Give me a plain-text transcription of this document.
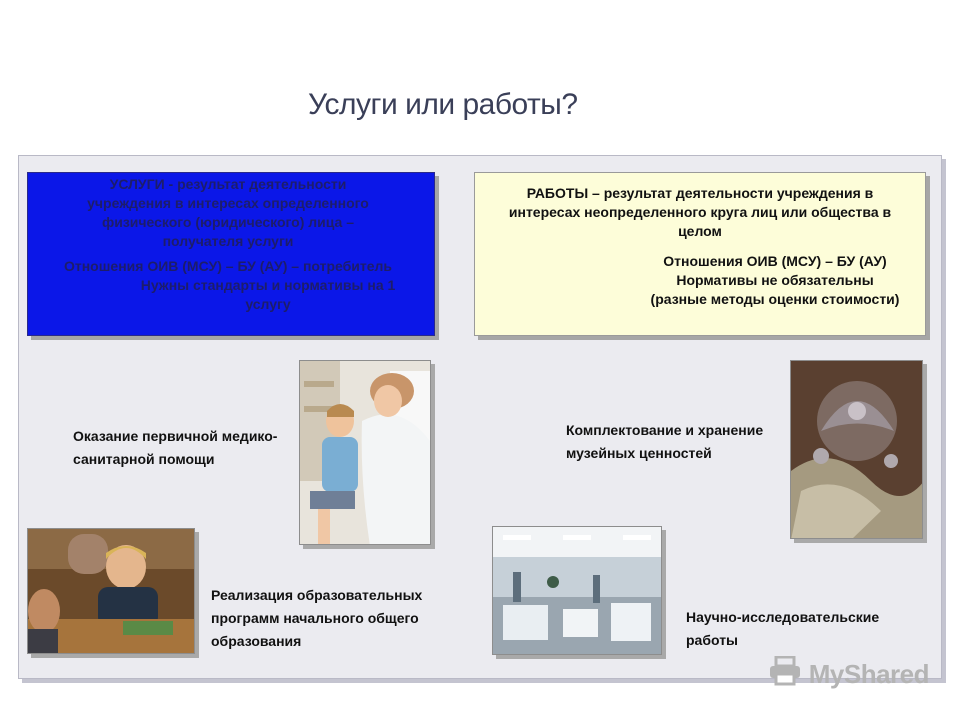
Услуги или работы?

УСЛУГИ - результат деятельности учреждения в интересах определенного физического (юридического) лица – получателя услуги

Отношения ОИВ (МСУ) – БУ (АУ) – потребитель

Нужны стандарты и нормативы на 1 услугу

РАБОТЫ – результат деятельности учреждения в интересах неопределенного круга лиц или общества в целом

Отношения ОИВ (МСУ) – БУ (АУ)

Нормативы не обязательны

(разные методы оценки стоимости)

Оказание первичной медико-санитарной помощи
Комплектование и хранение музейных ценностей
Реализация образовательных программ начального общего образования
Научно-исследовательские работы
MyShared
